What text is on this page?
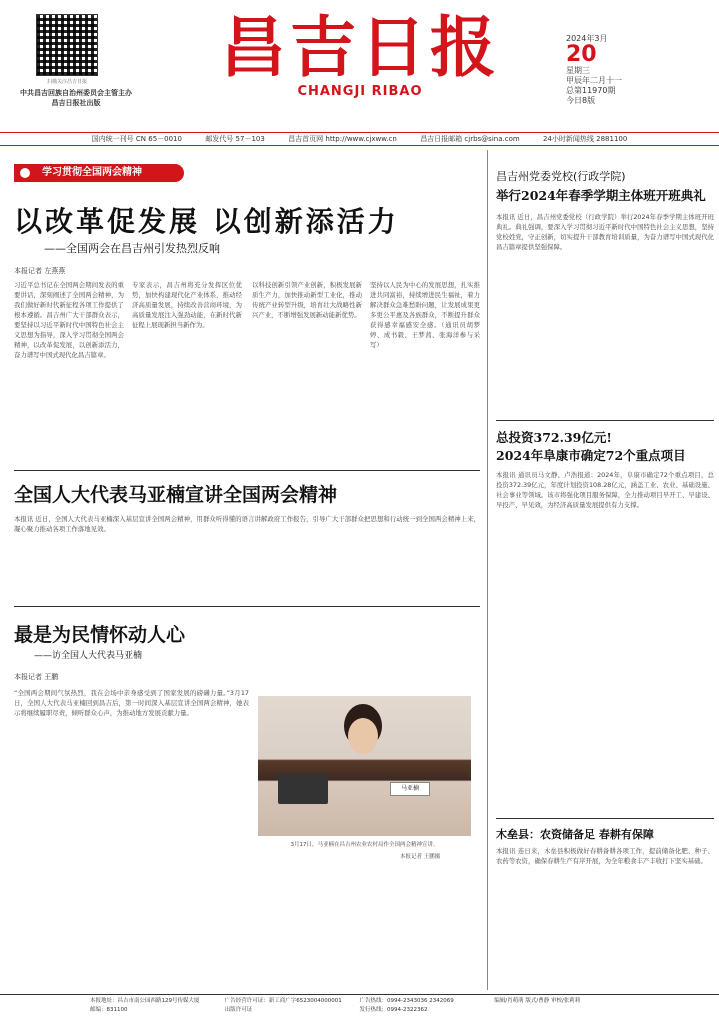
扫描关注昌吉日报
中共昌吉回族自治州委员会主管主办
昌吉日报社出版
昌吉日报
CHANGJI RIBAO
2024年3月
20
星期三
甲辰年二月十一
总第11970期
今日8版
国内统一刊号 CN 65－0010	邮发代号 57－103	昌吉首页网 http://www.cjxww.cn	昌吉日报邮箱 cjrbs@sina.com	24小时新闻热线 2881100
学习贯彻全国两会精神
以改革促发展 以创新添活力
——全国两会在昌吉州引发热烈反响
本报记者 左燕燕
习近平总书记在全国两会期间发表的重要讲话，深刻阐述了全国两会精神，为我们做好新时代新征程各项工作提供了根本遵循。昌吉州广大干部群众表示，要坚持以习近平新时代中国特色社会主义思想为指导，深入学习贯彻全国两会精神，以改革促发展，以创新添活力，奋力谱写中国式现代化昌吉篇章。
专家表示，昌吉州将充分发挥区位优势，加快构建现代化产业体系，推动经济高质量发展，持续改善营商环境，为高质量发展注入强劲动能，在新时代新征程上展现新担当新作为。
以科技创新引领产业创新，积极发展新质生产力，加快推动新型工业化，推动传统产业转型升级，培育壮大战略性新兴产业，不断增强发展新动能新优势。
坚持以人民为中心的发展思想，扎实推进共同富裕，持续增进民生福祉，着力解决群众急难愁盼问题，让发展成果更多更公平惠及各族群众，不断提升群众获得感幸福感安全感。（通讯员胡梦婷、成书毅、王梦茜、张海洋参与采写）
全国人大代表马亚楠宣讲全国两会精神
本报讯 近日，全国人大代表马亚楠深入基层宣讲全国两会精神，用群众听得懂的语言讲解政府工作报告，引导广大干部群众把思想和行动统一到全国两会精神上来，凝心聚力推动各项工作落地见效。
最是为民情怀动人心
——访全国人大代表马亚楠
本报记者 王鹏
“全国两会期间气氛热烈，我在会场中亲身感受到了国家发展的磅礴力量。”3月17日，全国人大代表马亚楠回到昌吉后，第一时间深入基层宣讲全国两会精神，她表示将继续履职尽责，倾听群众心声，为推动地方发展贡献力量。
马亚楠
3月17日，马亚楠在昌吉州农业农村局作全国两会精神宣讲。
本报记者 王鹏摄
昌吉州党委党校(行政学院)
举行2024年春季学期主体班开班典礼
本报讯 近日，昌吉州党委党校（行政学院）举行2024年春季学期主体班开班典礼。典礼强调，要深入学习贯彻习近平新时代中国特色社会主义思想，坚持党校姓党，守正创新，切实提升干部教育培训质量，为奋力谱写中国式现代化昌吉篇章提供坚强保障。
总投资372.39亿元!
2024年阜康市确定72个重点项目
本报讯 通讯员马文静、卢浩报道：2024年，阜康市确定72个重点项目，总投资372.39亿元，年度计划投资108.28亿元，涵盖工业、农业、基础设施、社会事业等领域。该市将强化项目服务保障，全力推动项目早开工、早建设、早投产、早见效，为经济高质量发展提供有力支撑。
木垒县：农资储备足 春耕有保障
本报讯 连日来，木垒县积极做好春耕备耕各项工作，提前储备化肥、种子、农药等农资，确保春耕生产有序开展，为全年粮食丰产丰收打下坚实基础。
本报地址：昌吉市南公园西路129号传媒大厦
邮编：831100
广告经营许可证：新工商广字6523004000001
出版许可证
广告热线：0994-2343036 2342069
发行热线：0994-2322362
编辑/肖萌萌 版式/曹静 审校/张莉莉
